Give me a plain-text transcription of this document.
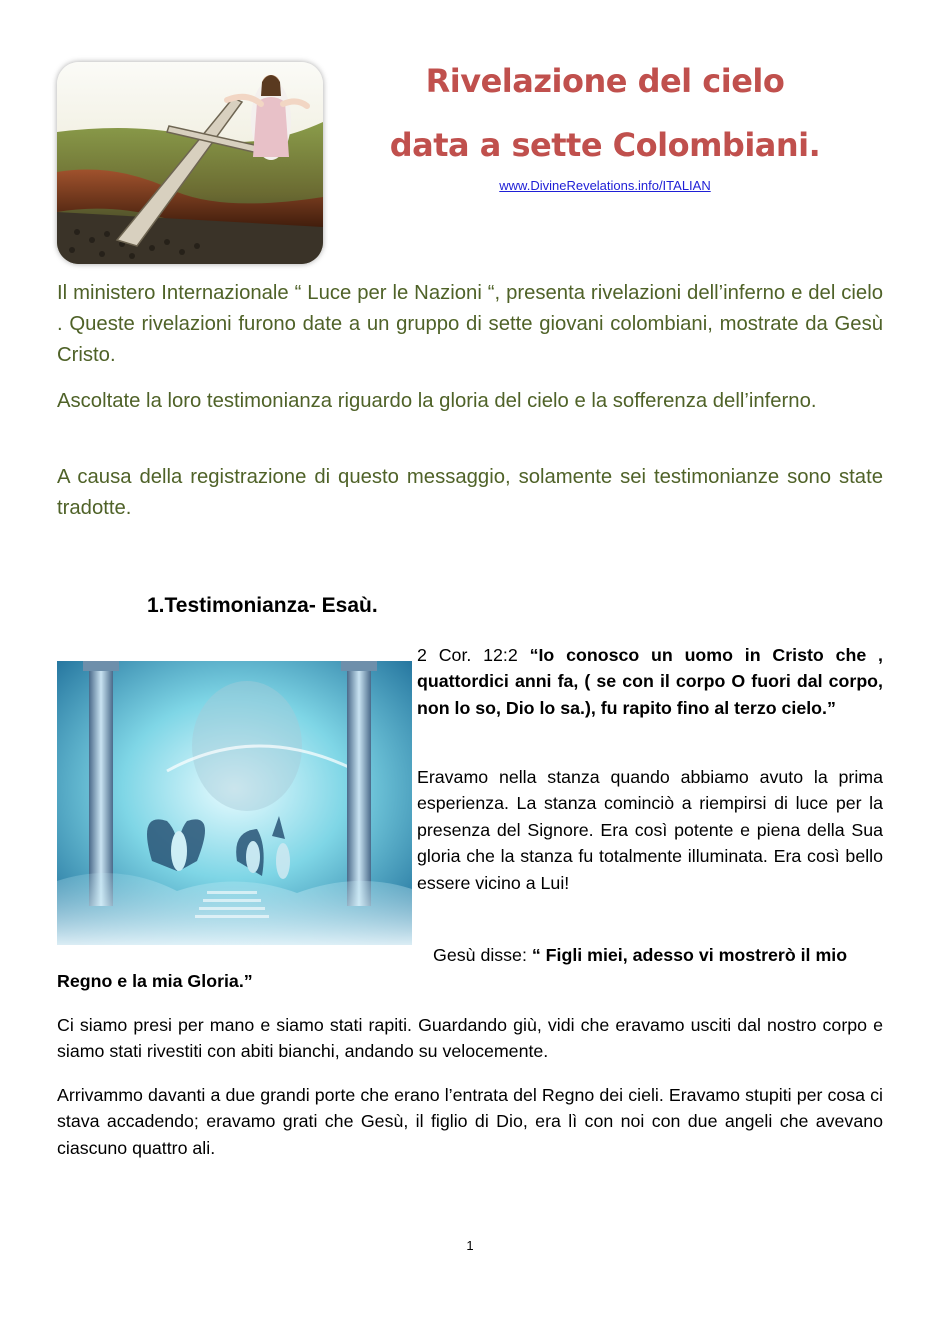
Rivelazione del cielo
data a sette Colombiani.
www.DivineRevelations.info/ITALIAN
Il ministero Internazionale “ Luce per le Nazioni “, presenta rivelazioni dell’inferno e del cielo . Queste rivelazioni furono date a un gruppo di sette giovani colombiani, mostrate da Gesù Cristo.
Ascoltate la loro testimonianza riguardo la gloria del cielo e la sofferenza dell’inferno.
A causa della registrazione di questo messaggio, solamente sei testimonianze sono state tradotte.
1.Testimonianza- Esaù.
2 Cor. 12:2 “Io conosco un uomo in Cristo che , quattordici anni fa, ( se con il corpo O fuori dal corpo, non lo so, Dio lo sa.), fu rapito fino al terzo cielo.”
Eravamo nella stanza quando abbiamo avuto la prima esperienza. La stanza cominciò a riempirsi di luce per la presenza del Signore. Era così potente e piena della Sua gloria che la stanza fu totalmente illuminata. Era così bello essere vicino a Lui!
Gesù disse: “ Figli miei, adesso vi mostrerò il mio
Regno e la mia Gloria.”
Ci siamo presi per mano e siamo stati rapiti. Guardando giù, vidi che eravamo usciti dal nostro corpo e siamo stati rivestiti con abiti bianchi, andando su velocemente.
Arrivammo davanti a due grandi porte che erano l’entrata del Regno dei cieli. Eravamo stupiti per cosa ci stava accadendo; eravamo grati che Gesù, il figlio di Dio, era lì con noi con due angeli che avevano ciascuno quattro ali.
1
